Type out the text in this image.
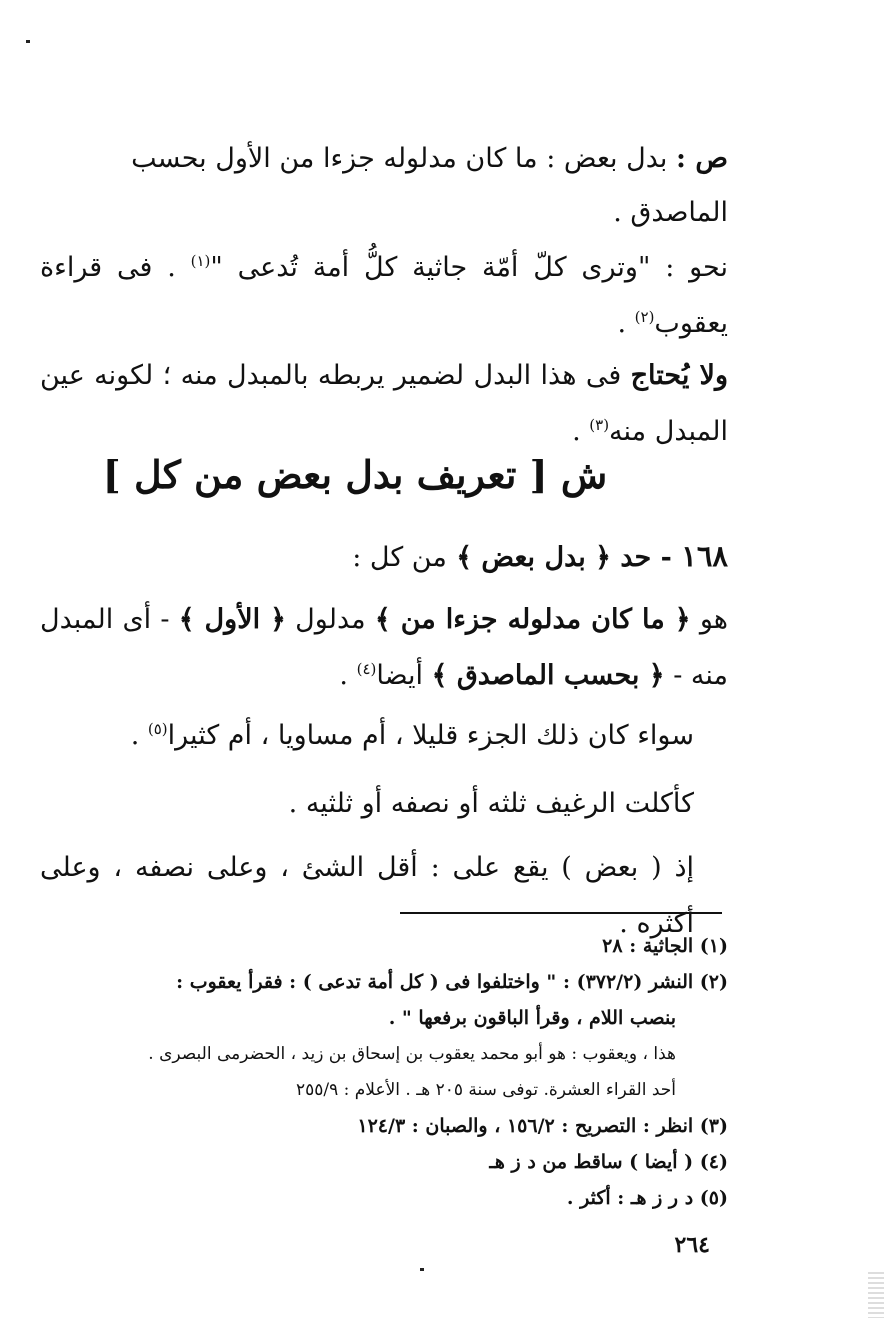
ص : بدل بعض : ما كان مدلوله جزءا من الأول بحسب
الماصدق .
نحو : "وترى كلّ أمّة جاثية كلُّ أمة تُدعى "$^{(١)}$ . فى قراءة يعقوب$^{(٢)}$ .
ولا يُحتاج فى هذا البدل لضمير يربطه بالمبدل منه ؛ لكونه عين المبدل منه$^{(٣)}$ .
ش [ تعريف بدل بعض من كل ]
١٦٨ - حد ﴿ بدل بعض ﴾ من كل :
هو ﴿ ما كان مدلوله جزءا من ﴾ مدلول ﴿ الأول ﴾ - أى المبدل منه - ﴿ بحسب الماصدق ﴾ أيضا$^{(٤)}$ .
سواء كان ذلك الجزء قليلا ، أم مساويا ، أم كثيرا$^{(٥)}$ .
كأكلت الرغيف ثلثه أو نصفه أو ثلثيه .
إذ ( بعض ) يقع على : أقل الشئ ، وعلى نصفه ، وعلى أكثره .
(١) الجاثية : ٢٨
(٢) النشر (٣٧٢/٢) : " واختلفوا فى ( كل أمة تدعى ) : فقرأ يعقوب :
بنصب اللام ، وقرأ الباقون برفعها " .
هذا ، ويعقوب : هو أبو محمد يعقوب بن إسحاق بن زيد ، الحضرمى البصرى .
أحد القراء العشرة. توفى سنة ٢٠٥ هـ . الأعلام : ٢٥٥/٩
(٣) انظر : التصريح : ١٥٦/٢ ، والصبان : ١٢٤/٣
(٤) ( أيضا ) ساقط من د ز هـ
(٥) د ر ز هـ : أكثر .
٢٦٤
